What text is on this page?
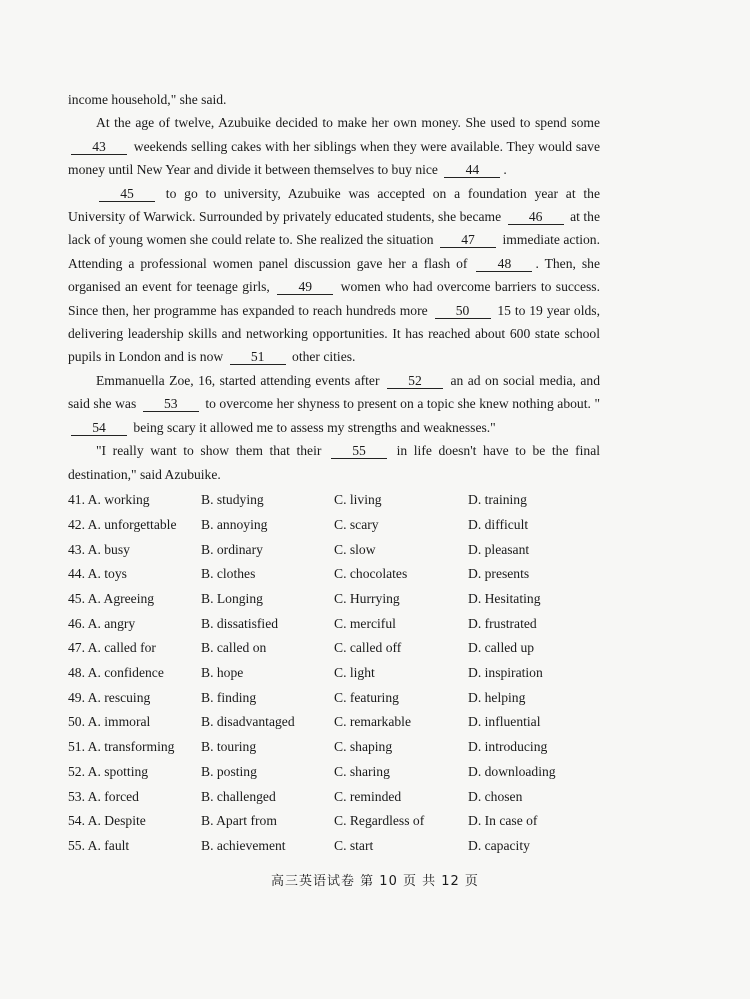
income household," she said.

At the age of twelve, Azubuike decided to make her own money. She used to spend some 43 weekends selling cakes with her siblings when they were available. They would save money until New Year and divide it between themselves to buy nice 44 .

45 to go to university, Azubuike was accepted on a foundation year at the University of Warwick. Surrounded by privately educated students, she became 46 at the lack of young women she could relate to. She realized the situation 47 immediate action. Attending a professional women panel discussion gave her a flash of 48 . Then, she organised an event for teenage girls, 49 women who had overcome barriers to success. Since then, her programme has expanded to reach hundreds more 50 15 to 19 year olds, delivering leadership skills and networking opportunities. It has reached about 600 state school pupils in London and is now 51 other cities.

Emmanuella Zoe, 16, started attending events after 52 an ad on social media, and said she was 53 to overcome her shyness to present on a topic she knew nothing about. "54 being scary it allowed me to assess my strengths and weaknesses."

"I really want to show them that their 55 in life doesn't have to be the final destination," said Azubuike.

41. A. working	B. studying	C. living	D. training
42. A. unforgettable	B. annoying	C. scary	D. difficult
43. A. busy	B. ordinary	C. slow	D. pleasant
44. A. toys	B. clothes	C. chocolates	D. presents
45. A. Agreeing	B. Longing	C. Hurrying	D. Hesitating
46. A. angry	B. dissatisfied	C. merciful	D. frustrated
47. A. called for	B. called on	C. called off	D. called up
48. A. confidence	B. hope	C. light	D. inspiration
49. A. rescuing	B. finding	C. featuring	D. helping
50. A. immoral	B. disadvantaged	C. remarkable	D. influential
51. A. transforming	B. touring	C. shaping	D. introducing
52. A. spotting	B. posting	C. sharing	D. downloading
53. A. forced	B. challenged	C. reminded	D. chosen
54. A. Despite	B. Apart from	C. Regardless of	D. In case of
55. A. fault	B. achievement	C. start	D. capacity
高三英语试卷 第 10 页 共 12 页
